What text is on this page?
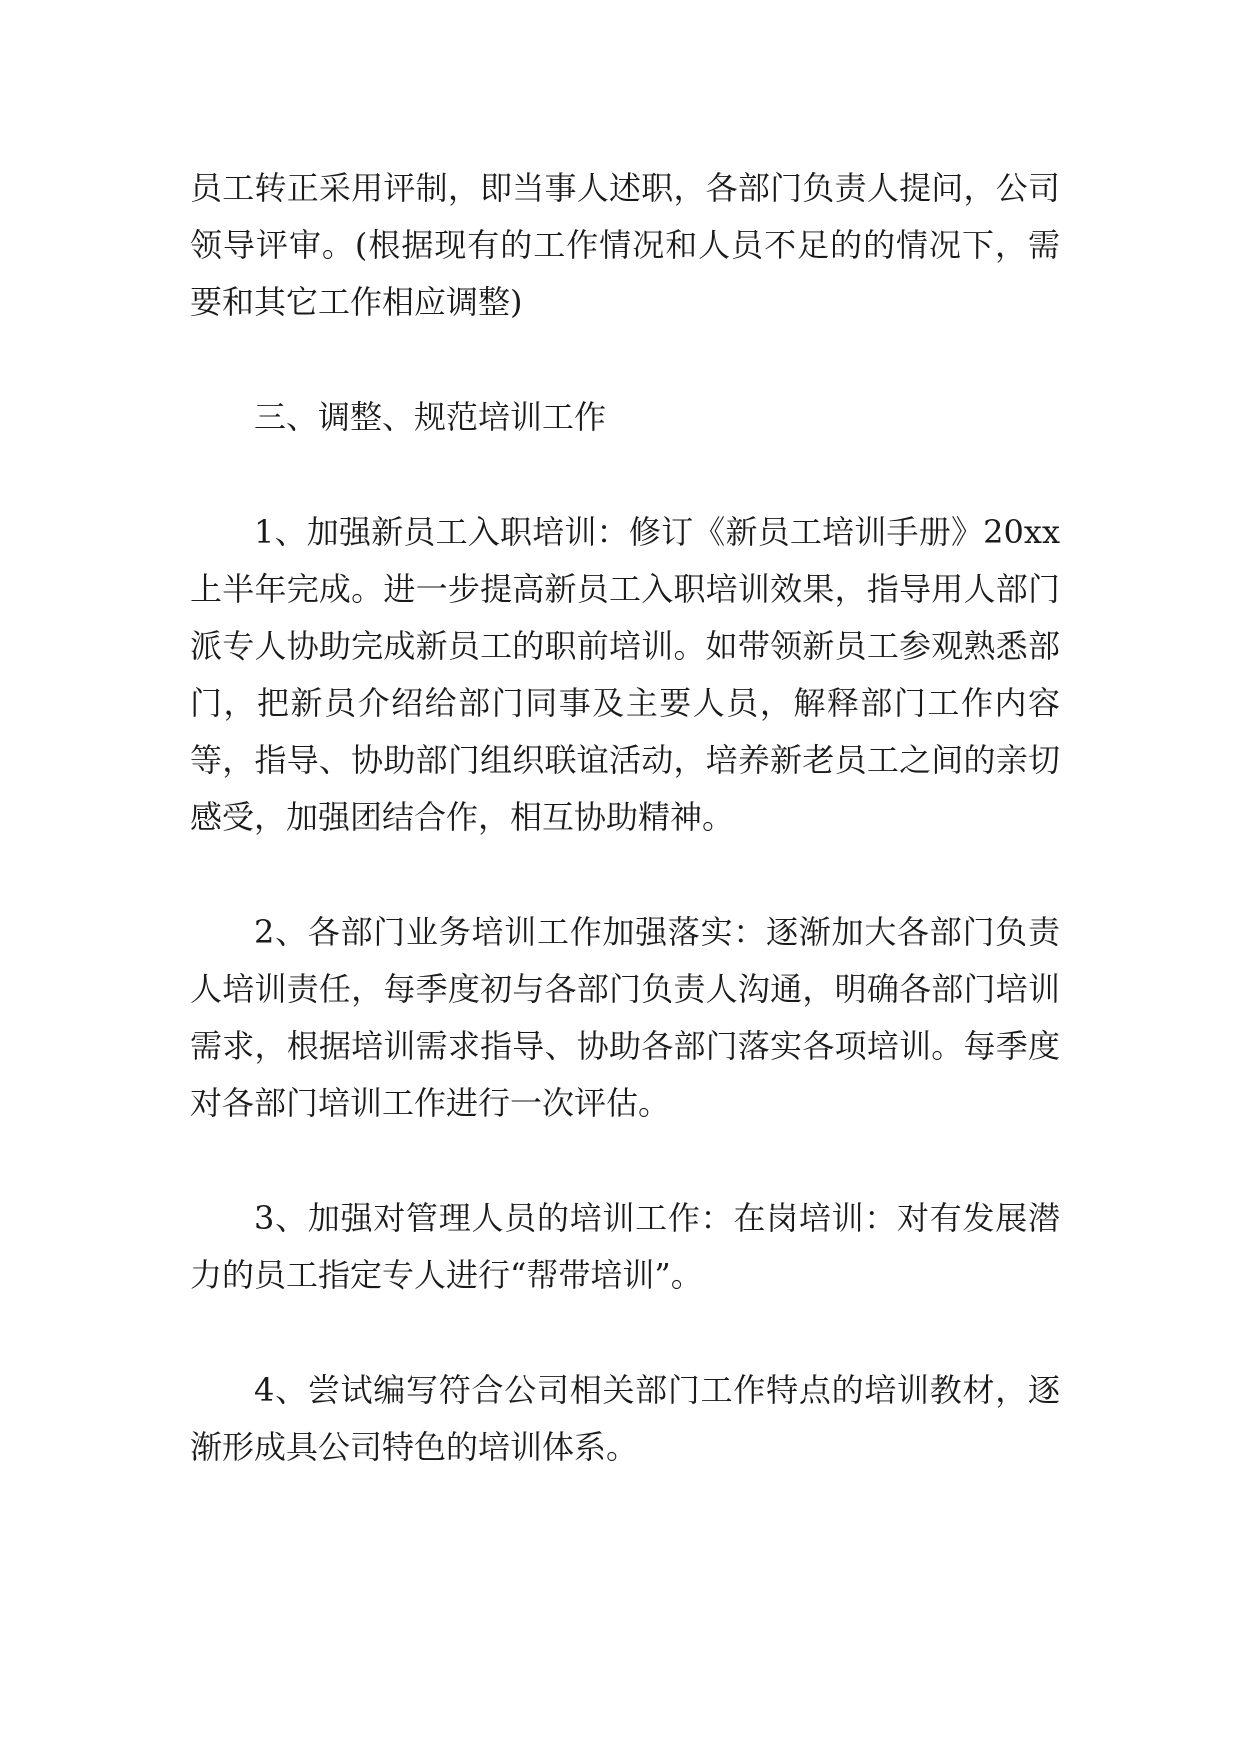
员工转正采用评制，即当事人述职，各部门负责人提问，公司领导评审。(根据现有的工作情况和人员不足的的情况下，需要和其它工作相应调整)

三、调整、规范培训工作

1、加强新员工入职培训：修订《新员工培训手册》20xx上半年完成。进一步提高新员工入职培训效果，指导用人部门派专人协助完成新员工的职前培训。如带领新员工参观熟悉部门，把新员介绍给部门同事及主要人员，解释部门工作内容等，指导、协助部门组织联谊活动，培养新老员工之间的亲切感受，加强团结合作，相互协助精神。

2、各部门业务培训工作加强落实：逐渐加大各部门负责人培训责任，每季度初与各部门负责人沟通，明确各部门培训需求，根据培训需求指导、协助各部门落实各项培训。每季度对各部门培训工作进行一次评估。

3、加强对管理人员的培训工作：在岗培训：对有发展潜力的员工指定专人进行“帮带培训”。

4、尝试编写符合公司相关部门工作特点的培训教材，逐渐形成具公司特色的培训体系。
